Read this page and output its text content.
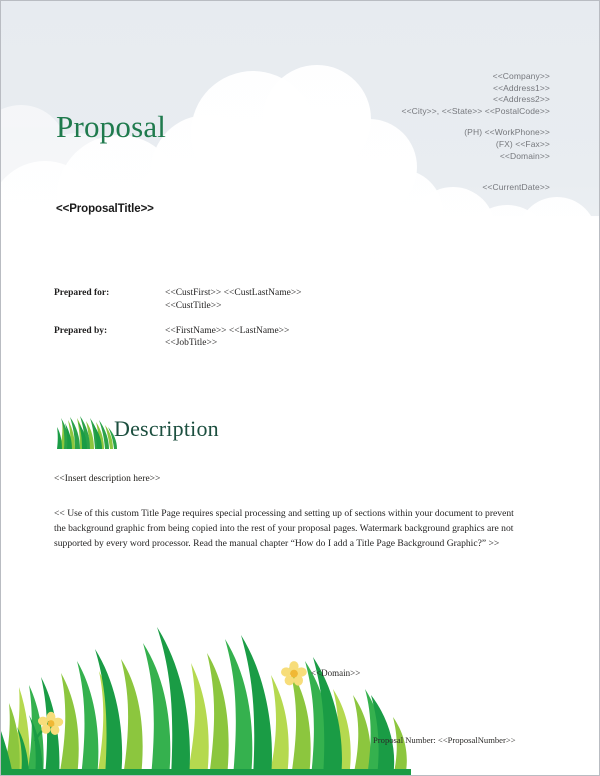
<<Company>>
<<Address1>>
<<Address2>>
<<City>>, <<State>> <<PostalCode>>
(PH) <<WorkPhone>>
(FX) <<Fax>>
<<Domain>>
<<CurrentDate>>
Proposal
<<ProposalTitle>>
Prepared for:	<<CustFirst>> <<CustLastName>>
<<CustTitle>>
Prepared by:	<<FirstName>> <<LastName>>
<<JobTitle>>
Description
<<Insert description here>>
<< Use of this custom Title Page requires special processing and setting up of sections within your document to prevent the background graphic from being copied into the rest of your proposal pages. Watermark background graphics are not supported by every word processor. Read the manual chapter “How do I add a Title Page Background Graphic?” >>
<<Domain>>
Proposal Number: <<ProposalNumber>>
